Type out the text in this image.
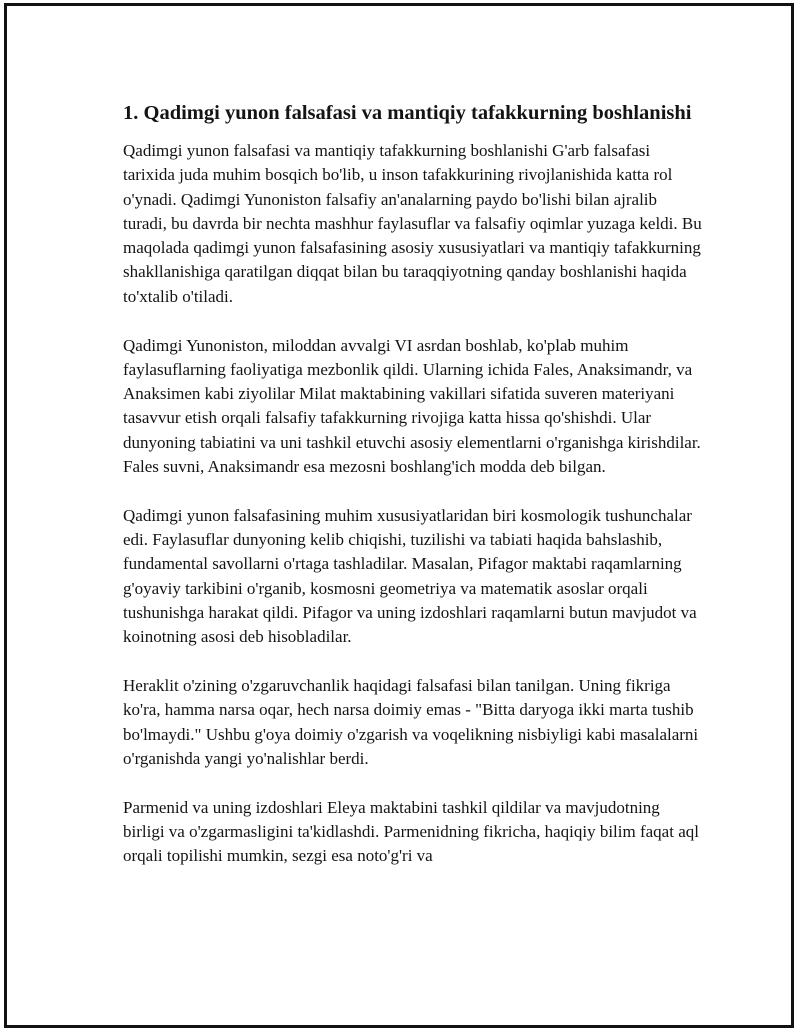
1. Qadimgi yunon falsafasi va mantiqiy tafakkurning boshlanishi

Qadimgi yunon falsafasi va mantiqiy tafakkurning boshlanishi G'arb falsafasi tarixida juda muhim bosqich bo'lib, u inson tafakkurining rivojlanishida katta rol o'ynadi. Qadimgi Yunoniston falsafiy an'analarning paydo bo'lishi bilan ajralib turadi, bu davrda bir nechta mashhur faylasuflar va falsafiy oqimlar yuzaga keldi. Bu maqolada qadimgi yunon falsafasining asosiy xususiyatlari va mantiqiy tafakkurning shakllanishiga qaratilgan diqqat bilan bu taraqqiyotning qanday boshlanishi haqida to'xtalib o'tiladi.

Qadimgi Yunoniston, miloddan avvalgi VI asrdan boshlab, ko'plab muhim faylasuflarning faoliyatiga mezbonlik qildi. Ularning ichida Fales, Anaksimandr, va Anaksimen kabi ziyolilar Milat maktabining vakillari sifatida suveren materiyani tasavvur etish orqali falsafiy tafakkurning rivojiga katta hissa qo'shishdi. Ular dunyoning tabiatini va uni tashkil etuvchi asosiy elementlarni o'rganishga kirishdilar. Fales suvni, Anaksimandr esa mezosni boshlang'ich modda deb bilgan.

Qadimgi yunon falsafasining muhim xususiyatlaridan biri kosmologik tushunchalar edi. Faylasuflar dunyoning kelib chiqishi, tuzilishi va tabiati haqida bahslashib, fundamental savollarni o'rtaga tashladilar. Masalan, Pifagor maktabi raqamlarning g'oyaviy tarkibini o'rganib, kosmosni geometriya va matematik asoslar orqali tushunishga harakat qildi. Pifagor va uning izdoshlari raqamlarni butun mavjudot va koinotning asosi deb hisobladilar.

Heraklit o'zining o'zgaruvchanlik haqidagi falsafasi bilan tanilgan. Uning fikriga ko'ra, hamma narsa oqar, hech narsa doimiy emas - "Bitta daryoga ikki marta tushib bo'lmaydi." Ushbu g'oya doimiy o'zgarish va voqelikning nisbiyligi kabi masalalarni o'rganishda yangi yo'nalishlar berdi.

Parmenid va uning izdoshlari Eleya maktabini tashkil qildilar va mavjudotning birligi va o'zgarmasligini ta'kidlashdi. Parmenidning fikricha, haqiqiy bilim faqat aql orqali topilishi mumkin, sezgi esa noto'g'ri va
